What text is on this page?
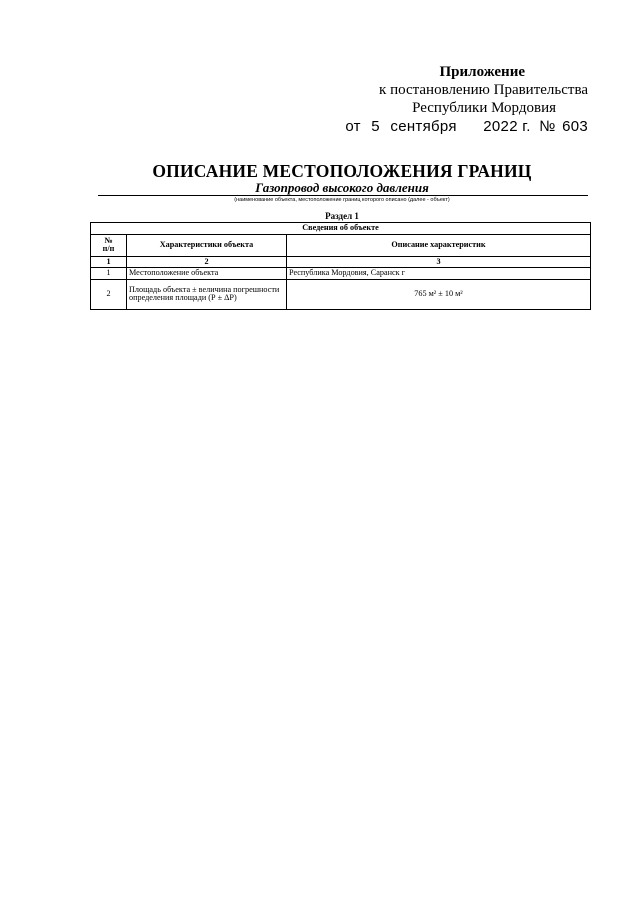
Приложение
к постановлению Правительства
Республики Мордовия
от 5 сентября 2022 г. № 603
ОПИСАНИЕ МЕСТОПОЛОЖЕНИЯ ГРАНИЦ
Газопровод высокого давления
(наименование объекта, местоположение границ которого описано (далее - объект)
Раздел 1
Сведения об объекте		
№
п/п	Характеристики объекта	Описание характеристик
1	2	3
1	Местоположение объекта	Республика Мордовия, Саранск г
2	Площадь объекта ± величина погрешности определения площади (Р ± ΔР)	765 м² ± 10 м²
